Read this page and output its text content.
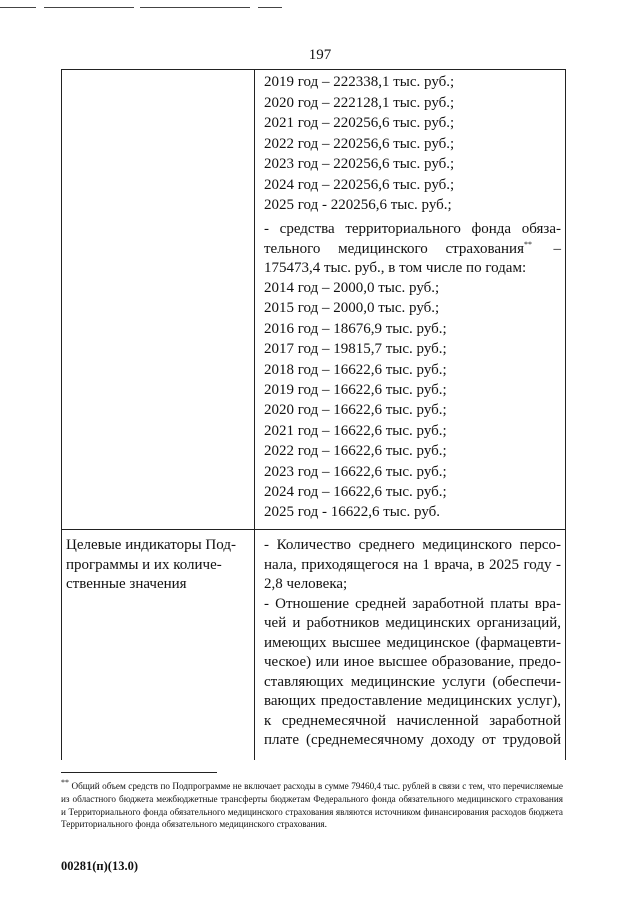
197
2019 год – 222338,1 тыс. руб.;
2020 год – 222128,1 тыс. руб.;
2021 год – 220256,6 тыс. руб.;
2022 год – 220256,6 тыс. руб.;
2023 год – 220256,6 тыс. руб.;
2024 год – 220256,6 тыс. руб.;
2025 год - 220256,6 тыс. руб.;
- средства территориального фонда обяза-
тельного медицинского страхования** –
175473,4 тыс. руб., в том числе по годам:
2014 год – 2000,0 тыс. руб.;
2015 год – 2000,0 тыс. руб.;
2016 год – 18676,9 тыс. руб.;
2017 год – 19815,7 тыс. руб.;
2018 год – 16622,6 тыс. руб.;
2019 год – 16622,6 тыс. руб.;
2020 год – 16622,6 тыс. руб.;
2021 год – 16622,6 тыс. руб.;
2022 год – 16622,6 тыс. руб.;
2023 год – 16622,6 тыс. руб.;
2024 год – 16622,6 тыс. руб.;
2025 год - 16622,6 тыс. руб.
Целевые индикаторы Под-
программы и их количе-
ственные значения
- Количество среднего медицинского персо-
нала, приходящегося на 1 врача, в 2025 году -
2,8 человека;
- Отношение средней заработной платы вра-
чей и работников медицинских организаций,
имеющих высшее медицинское (фармацевти-
ческое) или иное высшее образование, предо-
ставляющих медицинские услуги (обеспечи-
вающих предоставление медицинских услуг),
к среднемесячной начисленной заработной
плате (среднемесячному доходу от трудовой
** Общий объем средств по Подпрограмме не включает расходы в сумме 79460,4 тыс. рублей в связи с тем, что перечисляемые из областного бюджета межбюджетные трансферты бюджетам Федерального фонда обязательного медицинского страхования и Территориального фонда обязательного медицинского страхования являются источником финансирования расходов бюджета Территориального фонда обязательного медицинского страхования.
00281(п)(13.0)
